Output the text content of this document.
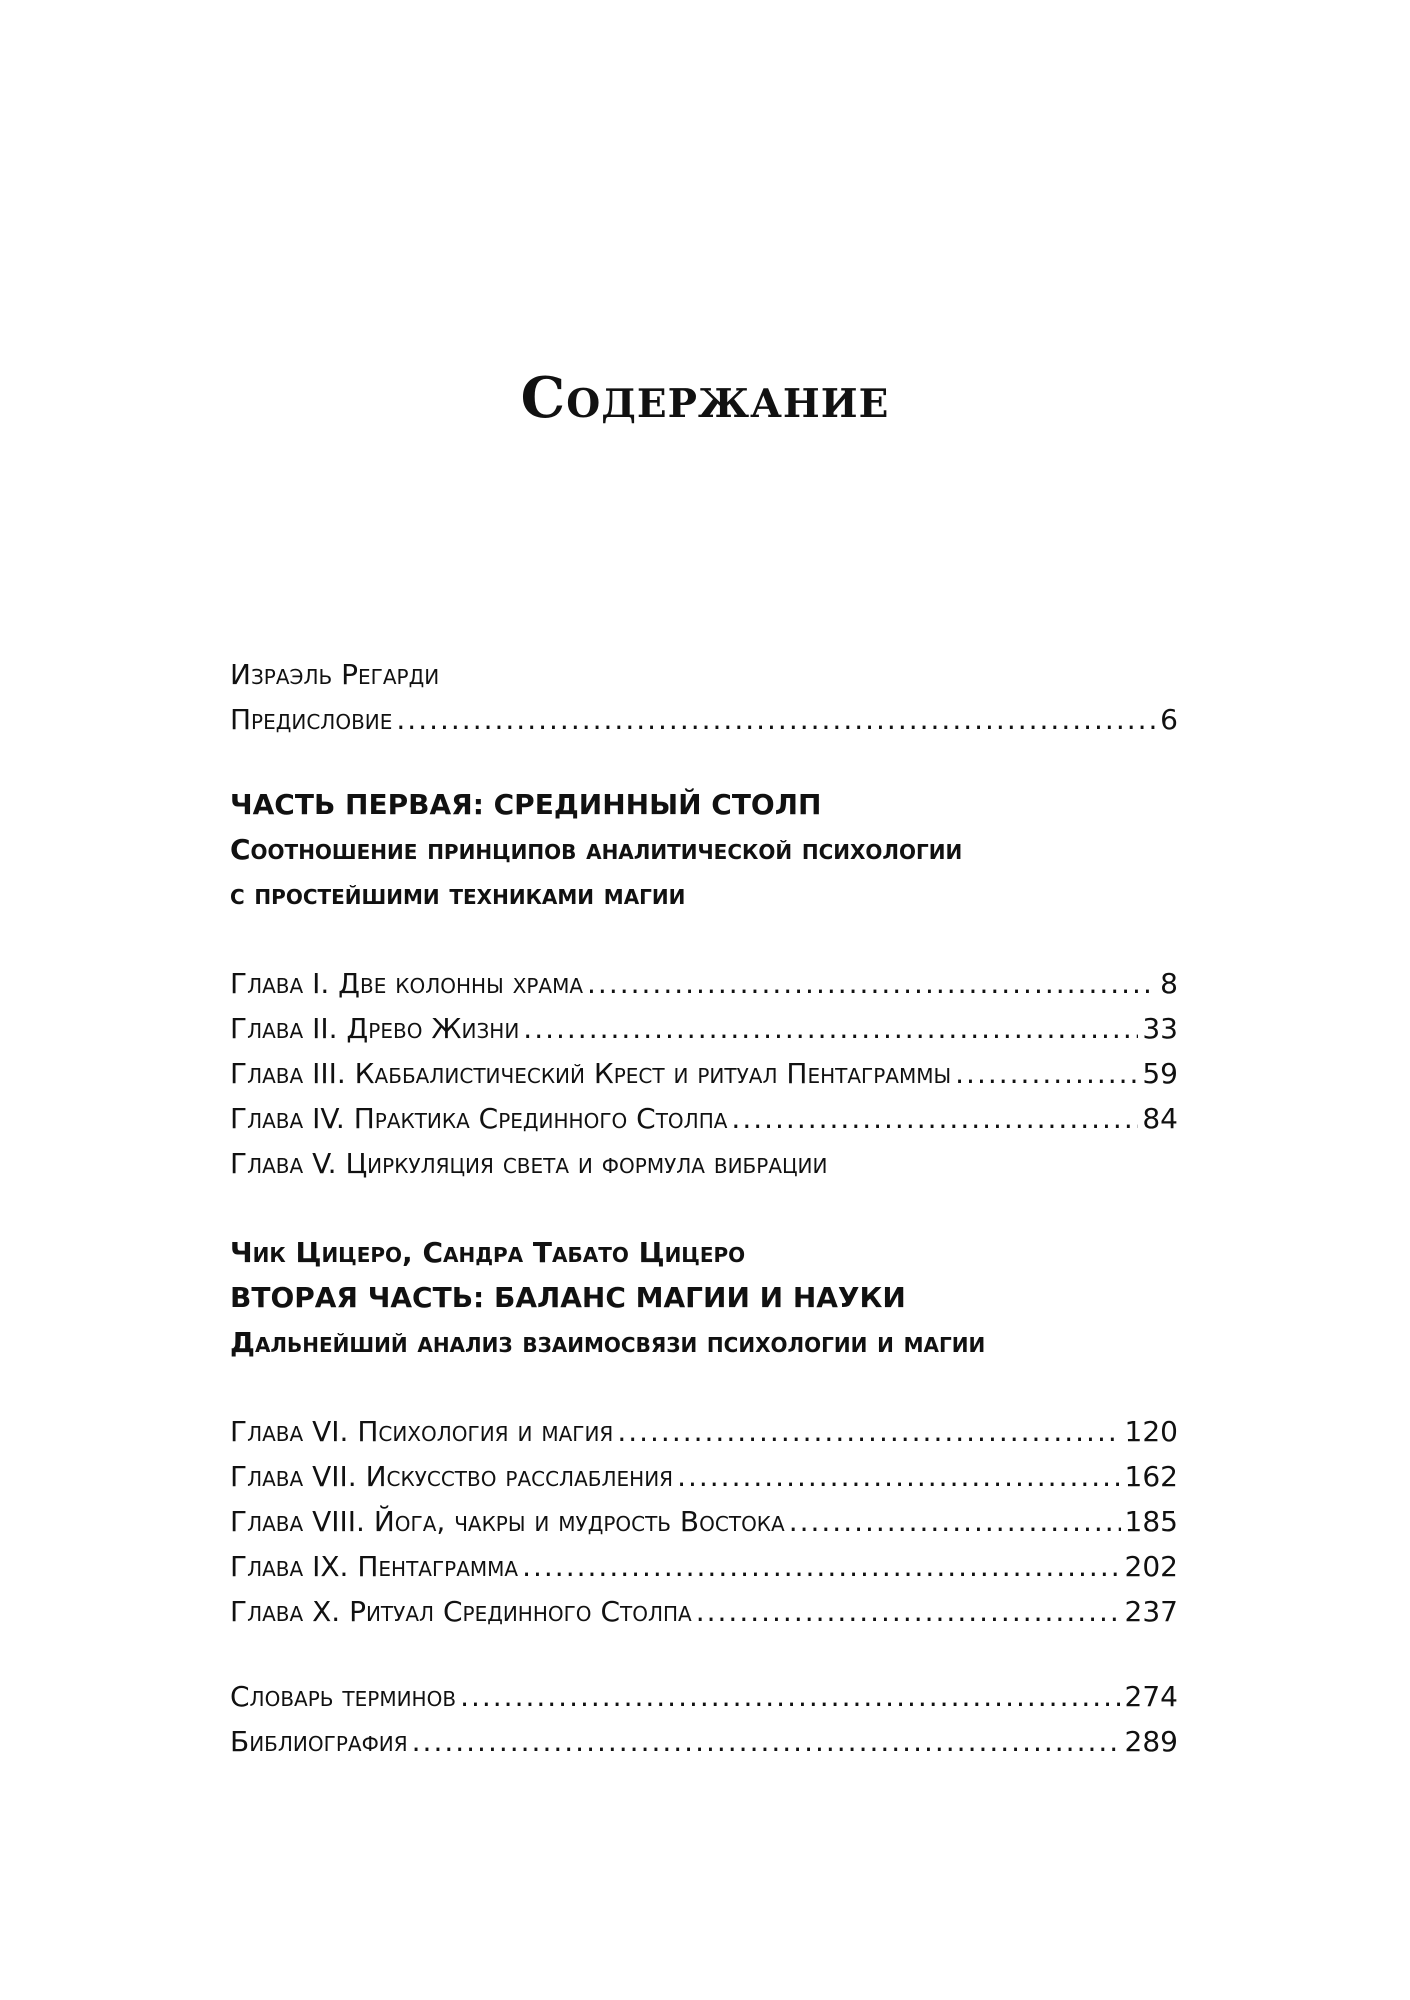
Содержание
Израэль Регарди
Предисловие .....	6
ЧАСТЬ ПЕРВАЯ: СРЕДИННЫЙ СТОЛП
Соотношение принципов аналитической психологии
с простейшими техниками магии
Глава I. Две колонны храма .....	8
Глава II. Древо Жизни .....	33
Глава III. Каббалистический Крест и ритуал Пентаграммы .....	59
Глава IV. Практика Срединного Столпа .....	84
Глава V. Циркуляция света и формула вибрации
Чик Цицеро, Сандра Табато Цицеро
ВТОРАЯ ЧАСТЬ: БАЛАНС МАГИИ И НАУКИ
Дальнейший анализ взаимосвязи психологии и магии
Глава VI. Психология и магия .....	120
Глава VII. Искусство расслабления .....	162
Глава VIII. Йога, чакры и мудрость Востока .....	185
Глава IX. Пентаграмма .....	202
Глава X. Ритуал Срединного Столпа .....	237
Словарь терминов .....	274
Библиография .....	289
